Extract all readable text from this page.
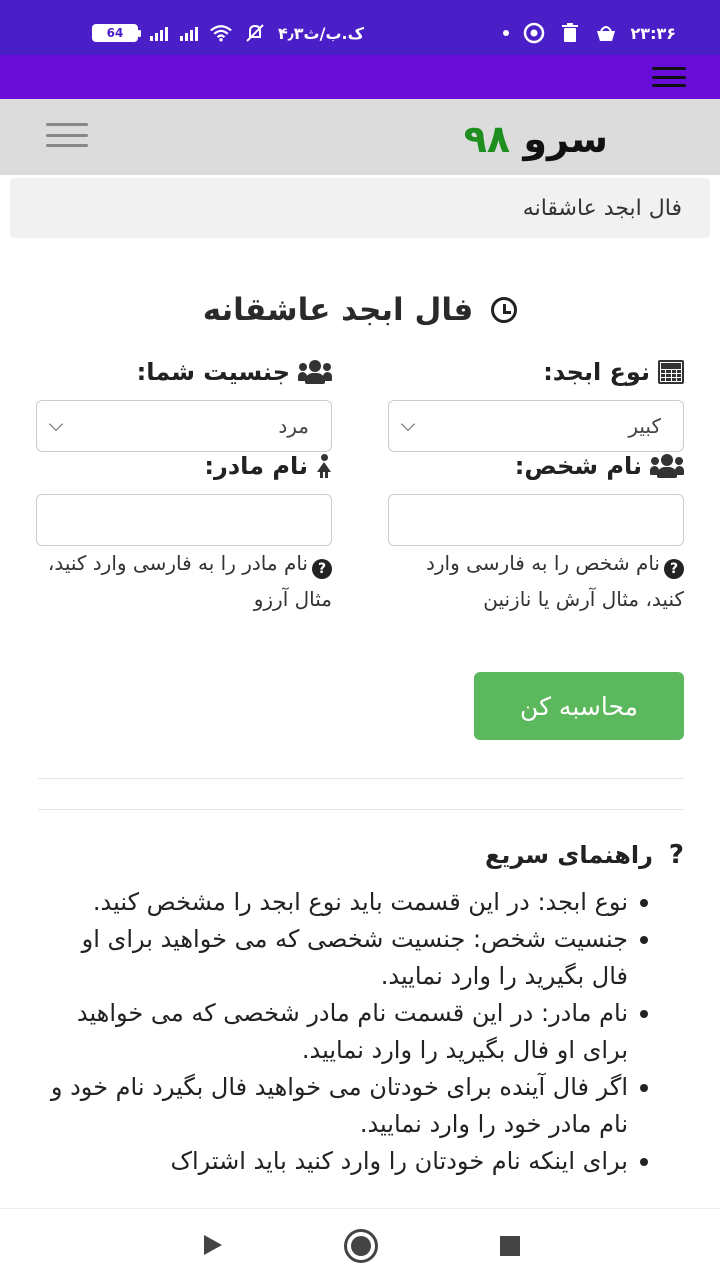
64	۴٫۳ک.ب/ث	۲۳:۳۶
سرو ۹۸
فال ابجد عاشقانه
فال ابجد عاشقانه
نوع ابجد:
جنسیت شما:
کبیر
مرد
نام شخص:
نام مادر:
?نام شخص را به فارسی وارد کنید، مثال آرش یا نازنین
?نام مادر را به فارسی وارد کنید، مثال آرزو
محاسبه کن
?
راهنمای سریع
نوع ابجد: در این قسمت باید نوع ابجد را مشخص کنید.
جنسیت شخص: جنسیت شخصی که می خواهید برای او فال بگیرید را وارد نمایید.
نام مادر: در این قسمت نام مادر شخصی که می خواهید برای او فال بگیرید را وارد نمایید.
اگر فال آینده برای خودتان می خواهید فال بگیرد نام خود و نام مادر خود را وارد نمایید.
برای اینکه نام خودتان را وارد کنید باید اشتراک
